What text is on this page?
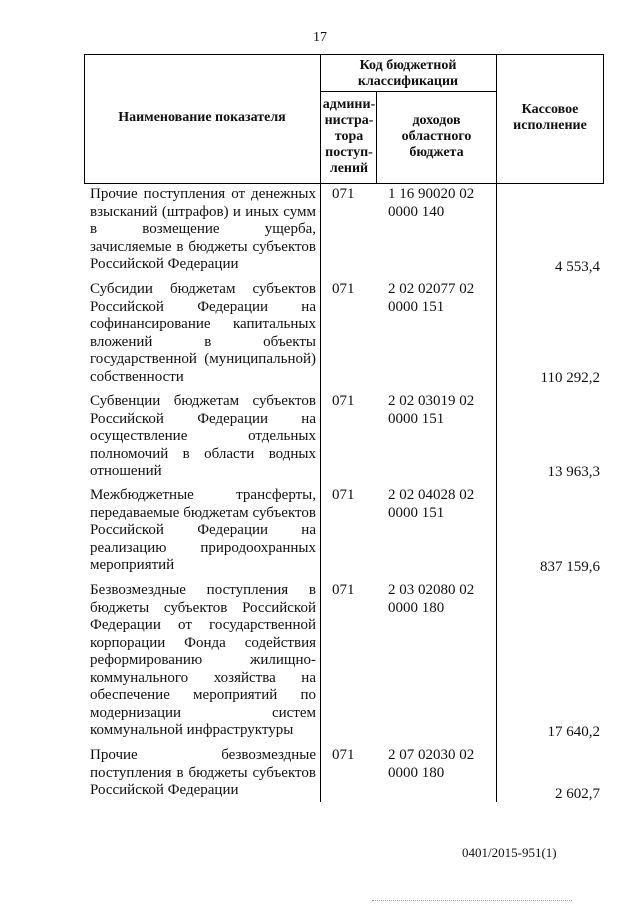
17
Наименование показателя
Код бюджетной классификации
админи-
нистра-
тора
поступ-
лений
доходов
областного
бюджета
Кассовое
исполнение
Прочие поступления от денежных взысканий (штрафов) и иных сумм в возмещение ущерба, зачисляемые в бюджеты субъектов Российской Федерации
071 1 16 90020 02 0000 140
4 553,4
Субсидии бюджетам субъектов Российской Федерации на софинансирование капитальных вложений в объекты государственной (муниципальной) собственности
071 2 02 02077 02 0000 151
110 292,2
Субвенции бюджетам субъектов Российской Федерации на осуществление отдельных полномочий в области водных отношений
071 2 02 03019 02 0000 151
13 963,3
Межбюджетные трансферты, передаваемые бюджетам субъектов Российской Федерации на реализацию природоохранных мероприятий
071 2 02 04028 02 0000 151
837 159,6
Безвозмездные поступления в бюджеты субъектов Российской Федерации от государственной корпорации Фонда содействия реформированию жилищно-коммунального хозяйства на обеспечение мероприятий по модернизации систем коммунальной инфраструктуры
071 2 03 02080 02 0000 180
17 640,2
Прочие безвозмездные поступления в бюджеты субъектов Российской Федерации
071 2 07 02030 02 0000 180
2 602,7
0401/2015-951(1)
